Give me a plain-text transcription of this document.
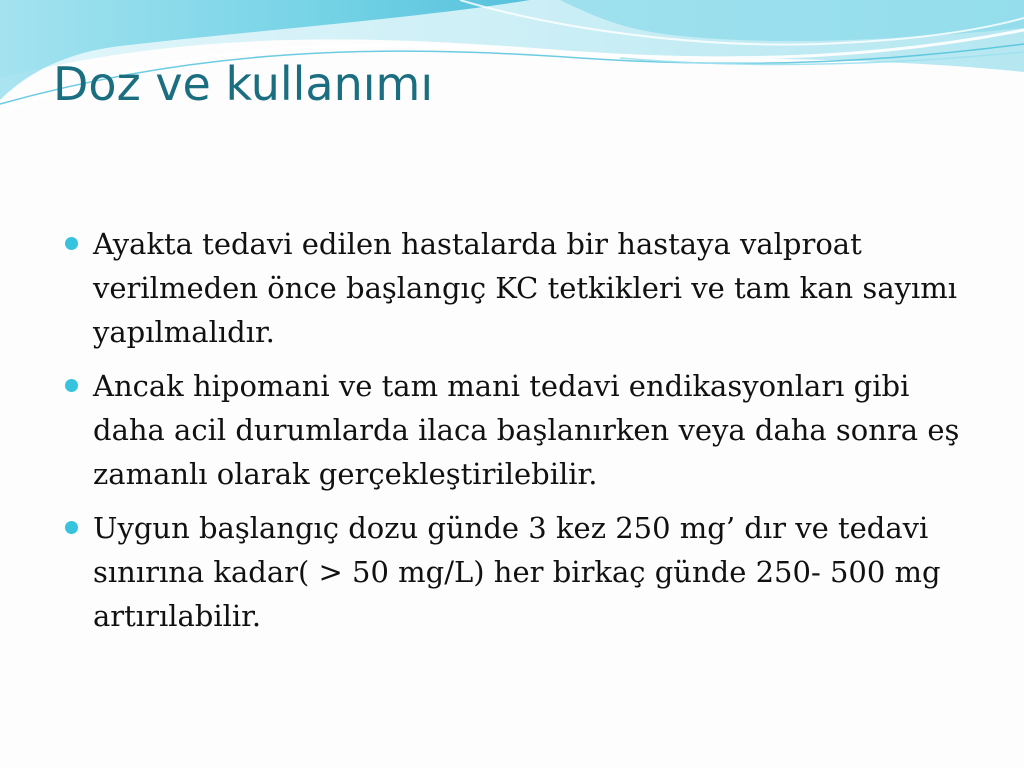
Doz ve kullanımı
Ayakta tedavi edilen hastalarda bir hastaya valproat verilmeden önce başlangıç KC tetkikleri ve tam kan sayımı yapılmalıdır.
Ancak hipomani ve tam mani tedavi endikasyonları gibi daha acil durumlarda ilaca başlanırken veya daha sonra eş zamanlı olarak gerçekleştirilebilir.
Uygun başlangıç dozu günde 3 kez 250 mg’ dır ve tedavi sınırına kadar( > 50 mg/L) her birkaç günde 250- 500 mg artırılabilir.
